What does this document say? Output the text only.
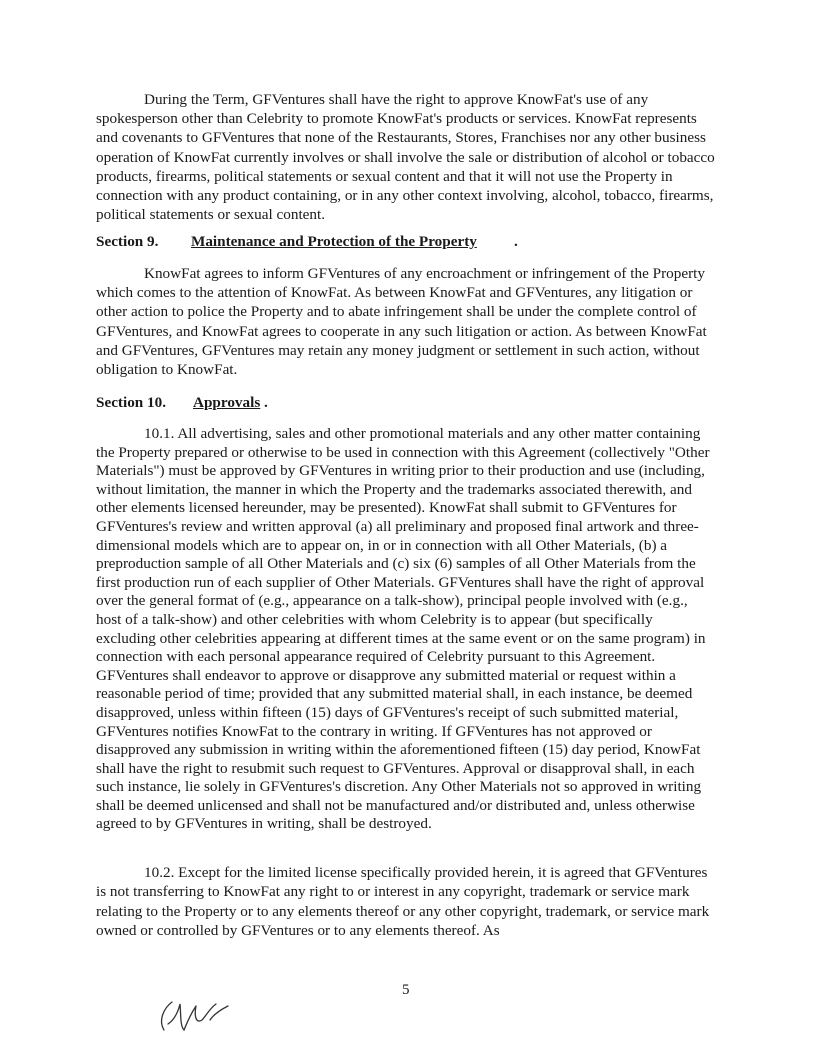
During the Term, GFVentures shall have the right to approve KnowFat's use of any spokesperson other than Celebrity to promote KnowFat's products or services. KnowFat represents and covenants to GFVentures that none of the Restaurants, Stores, Franchises nor any other business operation of KnowFat currently involves or shall involve the sale or distribution of alcohol or tobacco products, firearms, political statements or sexual content and that it will not use the Property in connection with any product containing, or in any other context involving, alcohol, tobacco, firearms, political statements or sexual content.

Section 9. Maintenance and Protection of the Property .

KnowFat agrees to inform GFVentures of any encroachment or infringement of the Property which comes to the attention of KnowFat. As between KnowFat and GFVentures, any litigation or other action to police the Property and to abate infringement shall be under the complete control of GFVentures, and KnowFat agrees to cooperate in any such litigation or action. As between KnowFat and GFVentures, GFVentures may retain any money judgment or settlement in such action, without obligation to KnowFat.

Section 10. Approvals .

10.1. All advertising, sales and other promotional materials and any other matter containing the Property prepared or otherwise to be used in connection with this Agreement (collectively "Other Materials") must be approved by GFVentures in writing prior to their production and use (including, without limitation, the manner in which the Property and the trademarks associated therewith, and other elements licensed hereunder, may be presented). KnowFat shall submit to GFVentures for GFVentures's review and written approval (a) all preliminary and proposed final artwork and three-dimensional models which are to appear on, in or in connection with all Other Materials, (b) a preproduction sample of all Other Materials and (c) six (6) samples of all Other Materials from the first production run of each supplier of Other Materials. GFVentures shall have the right of approval over the general format of (e.g., appearance on a talk-show), principal people involved with (e.g., host of a talk-show) and other celebrities with whom Celebrity is to appear (but specifically excluding other celebrities appearing at different times at the same event or on the same program) in connection with each personal appearance required of Celebrity pursuant to this Agreement. GFVentures shall endeavor to approve or disapprove any submitted material or request within a reasonable period of time; provided that any submitted material shall, in each instance, be deemed disapproved, unless within fifteen (15) days of GFVentures's receipt of such submitted material, GFVentures notifies KnowFat to the contrary in writing. If GFVentures has not approved or disapproved any submission in writing within the aforementioned fifteen (15) day period, KnowFat shall have the right to resubmit such request to GFVentures. Approval or disapproval shall, in each such instance, lie solely in GFVentures's discretion. Any Other Materials not so approved in writing shall be deemed unlicensed and shall not be manufactured and/or distributed and, unless otherwise agreed to by GFVentures in writing, shall be destroyed.

10.2. Except for the limited license specifically provided herein, it is agreed that GFVentures is not transferring to KnowFat any right to or interest in any copyright, trademark or service mark relating to the Property or to any elements thereof or any other copyright, trademark, or service mark owned or controlled by GFVentures or to any elements thereof. As

5
